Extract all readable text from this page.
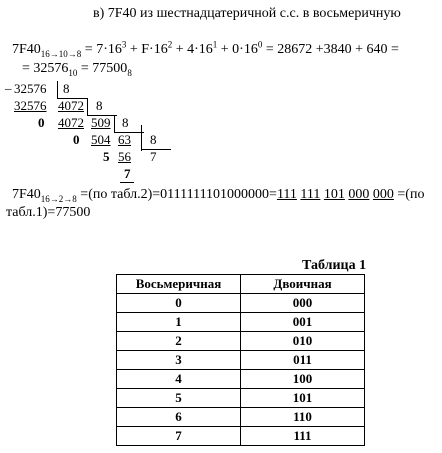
в) 7F40 из шестнадцатеричной с.с. в восьмеричную
$7F40_{16\to 10\to 8} = 7\cdot 16^3 + F\cdot 16^2 + 4\cdot 16^1 + 0\cdot 16^0 = 28672 +3840 + 640$ =
= $32576_{10} = 77500_8$
_ 32576 8
32576 4072 8
0 4072 509 8
0 504 63 8
5 56 7
7
$7F40_{16\to 2\to 8} =(по$ табл.2)=0111111101000000=111 111 101 000 000 =(по
табл.1)=77500
Таблица 1
Восьмеричная	Двоичная
0	000
1	001
2	010
3	011
4	100
5	101
6	110
7	111
